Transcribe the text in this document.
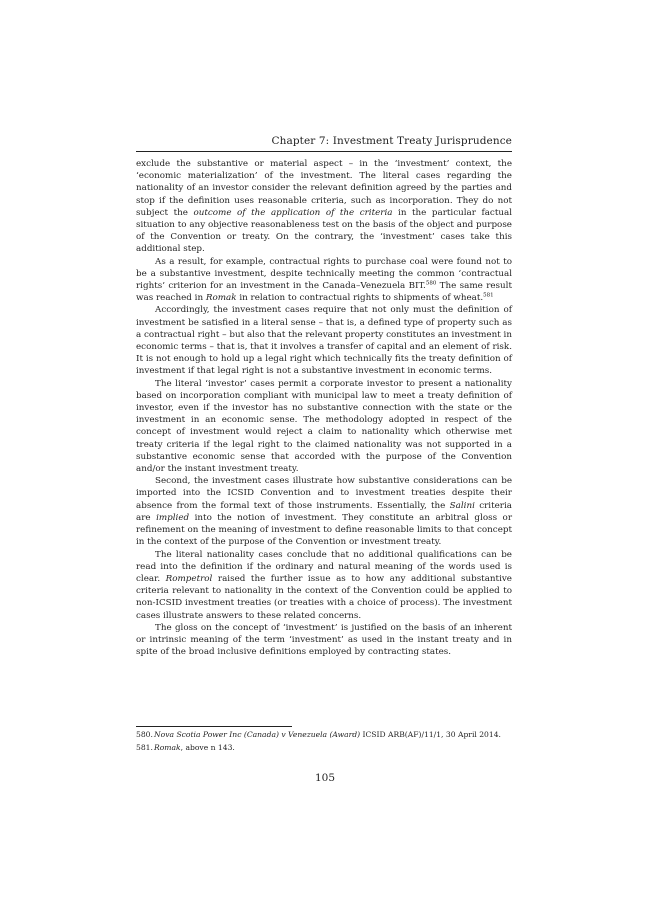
Chapter 7: Investment Treaty Jurisprudence

exclude the substantive or material aspect – in the ‘investment’ context, the ‘economic materialization’ of the investment. The literal cases regarding the nationality of an investor consider the relevant definition agreed by the parties and stop if the definition uses reasonable criteria, such as incorporation. They do not subject the outcome of the application of the criteria in the particular factual situation to any objective reasonableness test on the basis of the object and purpose of the Convention or treaty. On the contrary, the ‘investment’ cases take this additional step.

As a result, for example, contractual rights to purchase coal were found not to be a substantive investment, despite technically meeting the common ‘contractual rights’ criterion for an investment in the Canada–Venezuela BIT.$^{580}$ The same result was reached in Romak in relation to contractual rights to shipments of wheat.$^{581}$

Accordingly, the investment cases require that not only must the definition of investment be satisfied in a literal sense – that is, a defined type of property such as a contractual right – but also that the relevant property constitutes an investment in economic terms – that is, that it involves a transfer of capital and an element of risk. It is not enough to hold up a legal right which technically fits the treaty definition of investment if that legal right is not a substantive investment in economic terms.

The literal ‘investor’ cases permit a corporate investor to present a nationality based on incorporation compliant with municipal law to meet a treaty definition of investor, even if the investor has no substantive connection with the state or the investment in an economic sense. The methodology adopted in respect of the concept of investment would reject a claim to nationality which otherwise met treaty criteria if the legal right to the claimed nationality was not supported in a substantive economic sense that accorded with the purpose of the Convention and/or the instant investment treaty.

Second, the investment cases illustrate how substantive considerations can be imported into the ICSID Convention and to investment treaties despite their absence from the formal text of those instruments. Essentially, the Salini criteria are implied into the notion of investment. They constitute an arbitral gloss or refinement on the meaning of investment to define reasonable limits to that concept in the context of the purpose of the Convention or investment treaty.

The literal nationality cases conclude that no additional qualifications can be read into the definition if the ordinary and natural meaning of the words used is clear. Rompetrol raised the further issue as to how any additional substantive criteria relevant to nationality in the context of the Convention could be applied to non-ICSID investment treaties (or treaties with a choice of process). The investment cases illustrate answers to these related concerns.

The gloss on the concept of ‘investment’ is justified on the basis of an inherent or intrinsic meaning of the term ‘investment’ as used in the instant treaty and in spite of the broad inclusive definitions employed by contracting states.

580.Nova Scotia Power Inc (Canada) v Venezuela (Award) ICSID ARB(AF)/11/1, 30 April 2014.
581.Romak, above n 143.
105
